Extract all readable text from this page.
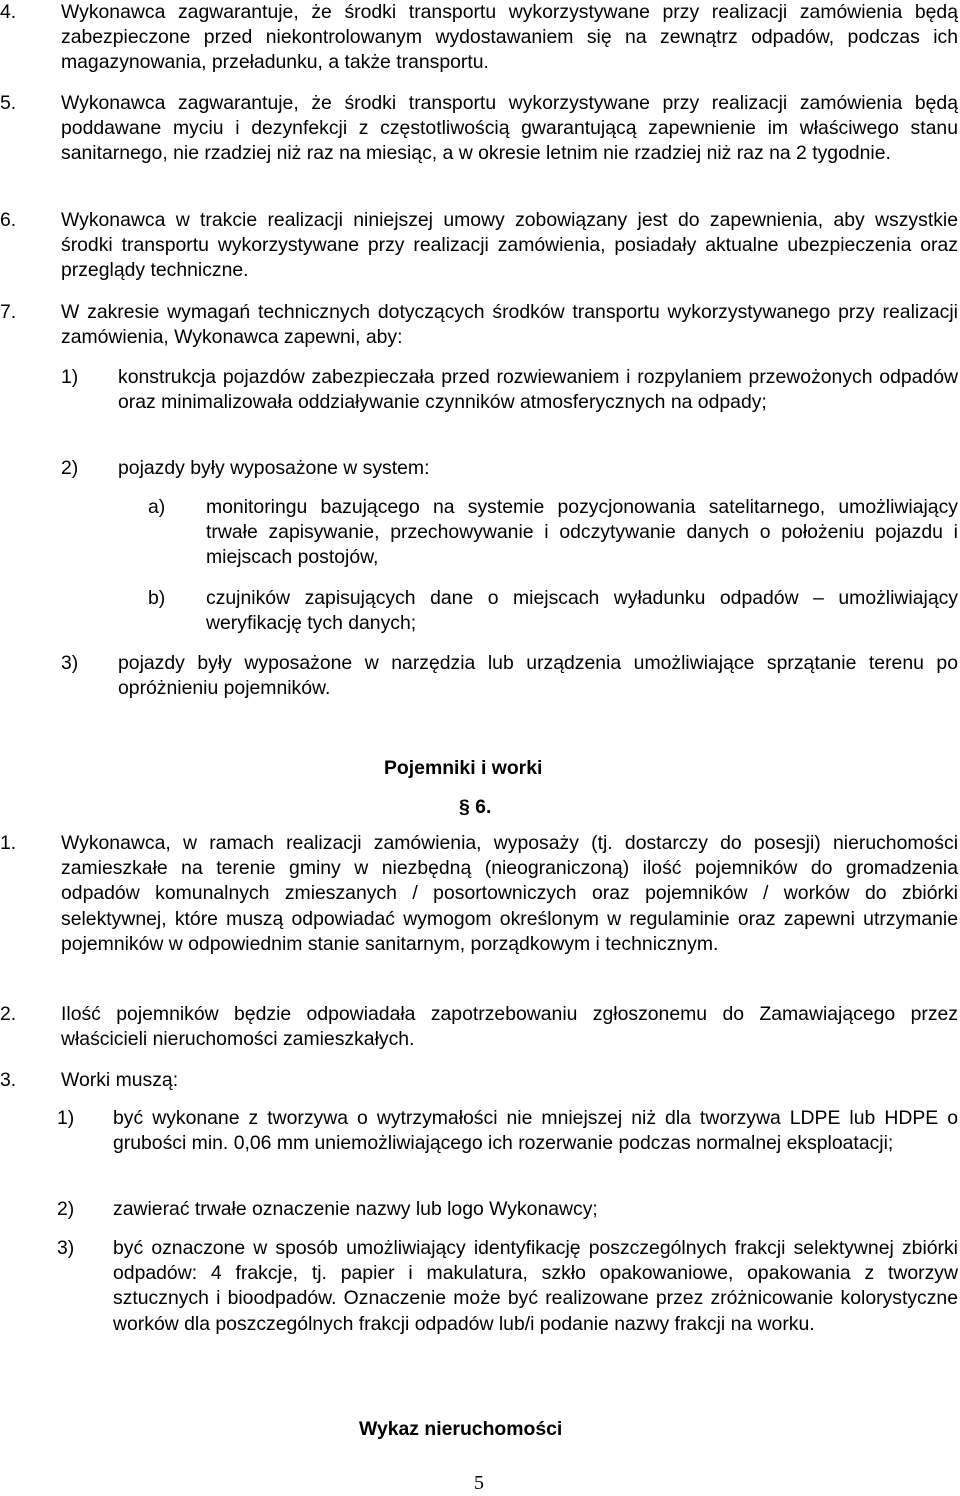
4. Wykonawca zagwarantuje, że środki transportu wykorzystywane przy realizacji zamówienia będą zabezpieczone przed niekontrolowanym wydostawaniem się na zewnątrz odpadów, podczas ich magazynowania, przeładunku, a także transportu.
5. Wykonawca zagwarantuje, że środki transportu wykorzystywane przy realizacji zamówienia będą poddawane myciu i dezynfekcji z częstotliwością gwarantującą zapewnienie im właściwego stanu sanitarnego, nie rzadziej niż raz na miesiąc, a w okresie letnim nie rzadziej niż raz na 2 tygodnie.
6. Wykonawca w trakcie realizacji niniejszej umowy zobowiązany jest do zapewnienia, aby wszystkie środki transportu wykorzystywane przy realizacji zamówienia, posiadały aktualne ubezpieczenia oraz przeglądy techniczne.
7. W zakresie wymagań technicznych dotyczących środków transportu wykorzystywanego przy realizacji zamówienia, Wykonawca zapewni, aby:
1) konstrukcja pojazdów zabezpieczała przed rozwiewaniem i rozpylaniem przewożonych odpadów oraz minimalizowała oddziaływanie czynników atmosferycznych na odpady;
2) pojazdy były wyposażone w system:
a) monitoringu bazującego na systemie pozycjonowania satelitarnego, umożliwiający trwałe zapisywanie, przechowywanie i odczytywanie danych o położeniu pojazdu i miejscach postojów,
b) czujników zapisujących dane o miejscach wyładunku odpadów – umożliwiający weryfikację tych danych;
3) pojazdy były wyposażone w narzędzia lub urządzenia umożliwiające sprzątanie terenu po opróżnieniu pojemników.
Pojemniki i worki
§ 6.
1. Wykonawca, w ramach realizacji zamówienia, wyposaży (tj. dostarczy do posesji) nieruchomości zamieszkałe na terenie gminy w niezbędną (nieograniczoną) ilość pojemników do gromadzenia odpadów komunalnych zmieszanych / posortowniczych oraz pojemników / worków do zbiórki selektywnej, które muszą odpowiadać wymogom określonym w regulaminie oraz zapewni utrzymanie pojemników w odpowiednim stanie sanitarnym, porządkowym i technicznym.
2. Ilość pojemników będzie odpowiadała zapotrzebowaniu zgłoszonemu do Zamawiającego przez właścicieli nieruchomości zamieszkałych.
3. Worki muszą:
1) być wykonane z tworzywa o wytrzymałości nie mniejszej niż dla tworzywa LDPE lub HDPE o grubości min. 0,06 mm uniemożliwiającego ich rozerwanie podczas normalnej eksploatacji;
2) zawierać trwałe oznaczenie nazwy lub logo Wykonawcy;
3) być oznaczone w sposób umożliwiający identyfikację poszczególnych frakcji selektywnej zbiórki odpadów: 4 frakcje, tj. papier i makulatura, szkło opakowaniowe, opakowania z tworzyw sztucznych i bioodpadów. Oznaczenie może być realizowane przez zróżnicowanie kolorystyczne worków dla poszczególnych frakcji odpadów lub/i podanie nazwy frakcji na worku.
Wykaz nieruchomości
5
